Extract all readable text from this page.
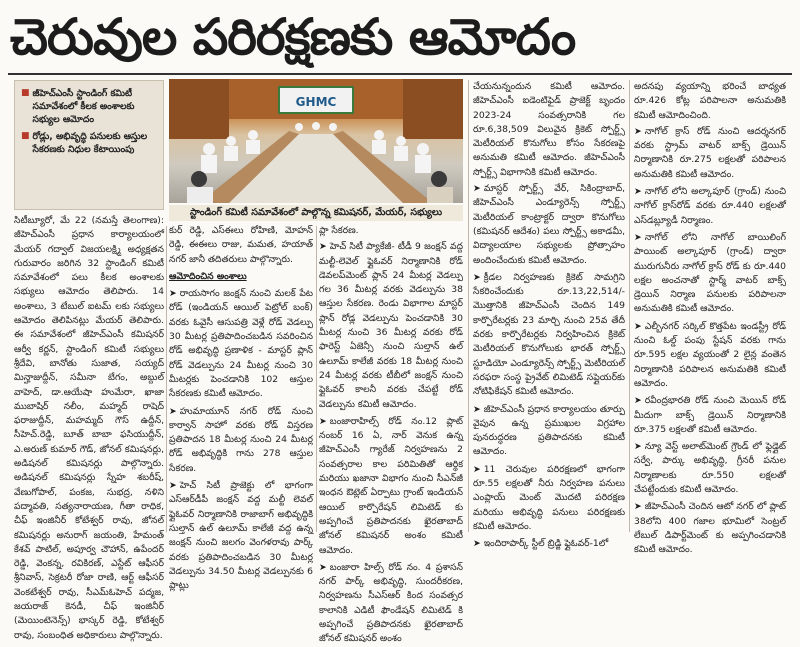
చెరువుల పరిరక్షణకు ఆమోదం
■ జీహెచ్ఎంసీ స్టాండింగ్ కమిటీ సమావేశంలో కీలక అంశాలకు సభ్యుల ఆమోదం
■ రోడ్లు, అభివృద్ధి పనులకు ఆస్తుల సేకరణకు నిధుల కేటాయింపు
GHMC
స్టాండింగ్ కమిటీ సమావేశంలో పాల్గొన్న కమిషనర్, మేయర్, సభ్యులు

సిటీబ్యూరో, మే 22 (నమస్తే తెలంగాణ): జీహెచ్ఎంసీ ప్రధాన కార్యాలయంలో మేయర్ గద్వాల్ విజయలక్ష్మి అధ్యక్షతన గురువారం జరిగిన 32 స్టాండింగ్ కమిటీ సమావేశంలో పలు కీలక అంశాలకు సభ్యులు ఆమోదం తెలిపారు. 14 అంశాలు, 3 టేబుల్ ఐటమ్ లకు సభ్యులు ఆమోదం తెలిపినట్లు మేయర్ తెలిపారు. ఈ సమావేశంలో జీహెచ్ఎంసీ కమిషనర్ ఆర్వీ కర్ణన్, స్టాండింగ్ కమిటీ సభ్యులు శ్రీదేవి, బానోతు సుజాత, సయ్యద్ మిన్హాజుద్దీన్, సమీనా బేగం, అబ్దుల్ వాహెద్, డా.ఆయేషా హుమేరా, ఖాజా ముబాషిర్ నలీం, మహ్మద్ రాషెద్ ఫరాజుద్దీన్, మహమ్మద్ గౌస్ ఉద్దీన్, సీహెచ్.రెడ్డి, బూత్ బాబా ఫసియుద్దీన్, ఎ.అరుణ్ కుమార్ గౌడ్, జోనల్ కమిషనర్లు, అడిషనల్ కమిషనర్లు పాల్గొన్నారు. అడిషనల్ కమిషనర్లు స్నేహ శబరీష్, వేణుగోపాల్, పంకజ, సుభద్ర, నళిని పద్మావతి, సత్యనారాయణ, గీతా రాధిక, చీఫ్ ఇంజినీర్ కోటేశ్వర్ రావు, జోనల్ కమిషనర్లు అనురాగ్ జయంతి, హేమంత్ కేశవ్ పాటిల్, అపూర్వ చౌహాన్, ఉపేందర్ రెడ్డి, వెంకన్న, రవికిరణ్, ఎస్టేట్ ఆఫీసర్ శ్రీనివాస్, సెక్రటరీ రోజా రాణి, ఆర్ట్ ఆఫీసర్ వెంకటేశ్వర్ రావు, సీఎమ్ఓహెచ్ పద్మజ, జయరాజ్ కెనడీ, చీఫ్ ఇంజినీర్ (మెయింటెనెన్స్) భాస్కర్ రెడ్డి, కోటేశ్వర్ రావు, సంబంధిత అధికారులు పాల్గొన్నారు.

కుర్ రెడ్డి, ఎస్ఈలు రోహిణి, మోహన్ రెడ్డి, ఈఈలు రాజు, మమత, హయాత్ నగర్ జానీ తదితరులు పాల్గొన్నారు.

ఆమోదించిన అంశాలు
➤ రాయసాగం జంక్షన్ నుంచి మలక్ పేట రోడ్ (ఇండియన్ ఆయిల్ పెట్రోల్ బంక్) వరకు ఓవైసీ ఆసుపత్రి వెళ్లే రోడ్ వెడల్పు 30 మీటర్ల ప్రతిపాదించబడిన సవరించిన రోడ్ అభివృద్ధి ప్రణాళిక - మాస్టర్ ప్లాన్ రోడ్ వెడల్పును 24 మీటర్ల నుంచి 30 మీటర్లకు పెంచడానికి 102 ఆస్తుల సేకరణకు కమిటీ ఆమోదం.
➤ హుమాయూన్ నగర్ రోడ్ నుంచి కార్వాన్ సాహో వరకు రోడ్ విస్తరణ ప్రతిపాదన 18 మీటర్ల నుంచి 24 మీటర్ల రోడ్ అభివృద్ధికి గాను 278 ఆస్తుల సేకరణ.
➤ హెచ్ సిటీ ప్రాజెక్టు లో భాగంగా ఎస్‌ఆర్‌డీపీ జంక్షన్ వద్ద మల్టీ లెవల్ ఫ్లైఓవర్ నిర్మాణానికి రాజాబాగ్ అభివృద్ధికి సుల్తాన్ ఉల్ ఉలూమ్ కాలేజీ వద్ద ఉన్న జంక్షన్ నుంచి జలగం వెంగళరావు పార్క్ వరకు ప్రతిపాదించబడిన 30 మీటర్ల వెడల్పును 34.50 మీటర్ల వెడల్పునకు 6 ప్లాట్లు

ప్లా సేకరణ.

➤ హెచ్ సిటీ ప్యాకేజీ- టీడీ 9 జంక్షన్ వద్ద మల్టీ-లెవెల్ ఫ్లైఓవర్ నిర్మాణానికి రోడ్ డెవలప్‌మెంట్ ప్లాన్ 24 మీటర్ల వెడల్పు గల 36 మీటర్ల వరకు వెడల్పును 38 ఆస్తుల సేకరణ. రెండు విభాగాల మాస్టర్ ప్లాన్ రోడ్ల వెడల్పును పెంచడానికి 30 మీటర్ల నుంచి 36 మీటర్ల వరకు రోడ్ ఫారెస్ట్ ఏజెన్సీ నుంచి సుల్తాన్ ఉల్ ఉలూమ్ కాలేజీ వరకు 18 మీటర్ల నుంచి 24 మీటర్ల వరకు టీబీలో జంక్షన్ నుంచి ఫ్లైఓవర్ కాలనీ వరకు చేపట్టే రోడ్ వెడల్పును కమిటీ ఆమోదం.
➤ బంజారాహిల్స్ రోడ్ నం.12 ప్లాట్ నంబర్ 16 ఏ, నార్ వెనుక ఉన్న జీహెచ్ఎంసీ గ్యారేజ్ నిర్వహణను 2 సంవత్సరాల కాల పరిమితితో ఆర్థిక మరియు ఖజానా విభాగం నుంచి సీఎన్‌జీ ఇంధన ఔట్లెట్ ఏర్పాటు గ్రాంట్ ఇండియన్ ఆయిల్ కార్పొరేషన్ లిమిటెడ్ కు అప్పగించే ప్రతిపాదనకు ఖైరతాబాద్ జోనల్ కమిషనర్ అంశం కమిటీ ఆమోదం.
➤ బంజారా హిల్స్ రోడ్ నం. 4 ప్రశాసన్ నగర్ పార్క్ అభివృద్ధి, సుందరీకరణ, నిర్వహణను సీఎస్ఆర్ కింద సంవత్సర కాలానికి ఎడిటీ ఫౌండేషన్ లిమిటెడ్ కి అప్పగించే ప్రతిపాదనకు ఖైరతాబాద్ జోనల్ కమిషనర్ అంశం

చేయనున్నందున కమిటీ ఆమోదం. జీహెచ్ఎంసీ ఐడెంటిఫైడ్ ప్రాజెక్ట్ బృందం 2023-24 సంవత్సరానికి గల రూ.6,38,509 విలువైన క్రికెట్ స్పోర్ట్స్ మెటీరియల్ కొనుగోలు కోసం సేకరణపై అనుమతి కమిటీ ఆమోదం. జీహెచ్ఎంసీ స్పోర్ట్స్ విభాగానికి కమిటీ ఆమోదం.

➤ మాస్టర్ స్పోర్ట్స్ వేర్, సికింద్రాబాద్, జీహెచ్ఎంసీ ఎండ్యూరెన్స్ స్పోర్ట్స్ మెటీరియల్ కాంట్రాక్టర్ ద్వారా కొనుగోలు (కమిషనర్ ఆదేశం) పలు స్పోర్ట్స్ అకాడమీ, విద్యాలయాల సభ్యులకు ప్రోత్సాహం అందించేందుకు కమిటీ ఆమోదం.
➤ క్రీడల నిర్వహణకు క్రికెట్ సామగ్రిని సేకరించేందుకు రూ.13,22,514/- మొత్తానికి జీహెచ్ఎంసీ చెందిన 149 కార్పొరేటర్లకు 23 మార్చి నుంచి 25వ తేదీ వరకు కార్పొరేటర్లకు నిర్వహించిన క్రికెట్ మెటీరియల్ కొనుగోలుకు భారత్ స్పోర్ట్స్ స్టూడియో ఎండ్యూరెన్స్ స్పోర్ట్స్ మెటీరియల్ సరఫరా సంస్థ ప్రైవేట్ లిమిటెడ్ సప్లైయర్‌కు నోటిఫికేషన్ కమిటీ ఆమోదం.
➤ జీహెచ్ఎంసీ ప్రధాన కార్యాలయం తూర్పు వైపున ఉన్న ప్రముఖుల విగ్రహాల పునరుద్ధరణ ప్రతిపాదనకు కమిటీ ఆమోదం.
➤ 11 చెరువుల పరిరక్షణలో భాగంగా రూ.55 లక్షలతో నీరు నిర్వహణ పనులు ఎంప్లాయ్ మెంట్ మొదటి పరిరక్షణ మరియు అభివృద్ధి పనులు పరిరక్షణకు కమిటీ ఆమోదం.
➤ ఇందిరాపార్క్ స్టీల్ బ్రిడ్జి ఫ్లైఓవర్-1లో

అదనపు వ్యయాన్ని భరించే బాధ్యత రూ.426 కోట్ల పరిపాలనా అనుమతికి కమిటీ ఆమోదించింది.

➤ నాగోల్ క్రాస్ రోడ్ నుంచి ఆదర్శనగర్ వరకు స్ట్రామ్ వాటర్ బాక్స్ డ్రెయిన్ నిర్మాణానికి రూ.275 లక్షలతో పరిపాలన అనుమతికి కమిటీ ఆమోదం.
➤ నాగోల్ లోని అల్కాపూర్ (గ్రాండ్) నుంచి నాగోల్ క్రాస్‌రోడ్ వరకు రూ.440 లక్షలతో ఎస్‌డబ్ల్యూడీ నిర్మాణం.
➤ నాగోల్ లోని నాగోల్ బాయిలింగ్ పాయింట్ అల్కాపూర్ (గ్రాండ్) ద్వారా మురుగునీరు నాగోల్ క్రాస్ రోడ్ కు రూ.440 లక్షల అంచనాతో స్టార్మ్ వాటర్ బాక్స్ డ్రెయిన్ నిర్మాణ పనులకు పరిపాలనా అనుమతికి కమిటీ ఆమోదం.
➤ ఎల్బీనగర్ సర్కిల్ కొత్తపేట ఇండస్ట్రీ రోడ్ నుంచి ఓల్డ్ పంపు స్టేషన్ వరకు గాను రూ.595 లక్షల వ్యయంతో 2 లైన్ల వంతెన నిర్మాణానికి పరిపాలన అనుమతికి కమిటీ ఆమోదం.
➤ రవీంద్రభారతి రోడ్ నుంచి మెయిన్ రోడ్ మీదుగా బాక్స్ డ్రెయిన్ నిర్మాణానికి రూ.375 లక్షలతో కమిటీ ఆమోదం.
➤ న్యూ వెస్ట్ అలాట్‌మెంట్ గ్రౌండ్ లో ఫ్లెడ్లైట్ సర్వే, పార్కు అభివృద్ధి, గ్రీనరీ పనుల నిర్మాణాలకు రూ.550 లక్షలతో చేపట్టేందుకు కమిటీ ఆమోదం.
➤ జీహెచ్ఎంసీ చెందిన ఆటో నగర్ లో ప్లాట్ 38లోని 400 గజాల భూమిలో సెంట్రల్ లేబుల్ డిపార్ట్‌మెంట్ కు అప్పగించడానికి కమిటీ ఆమోదం.
